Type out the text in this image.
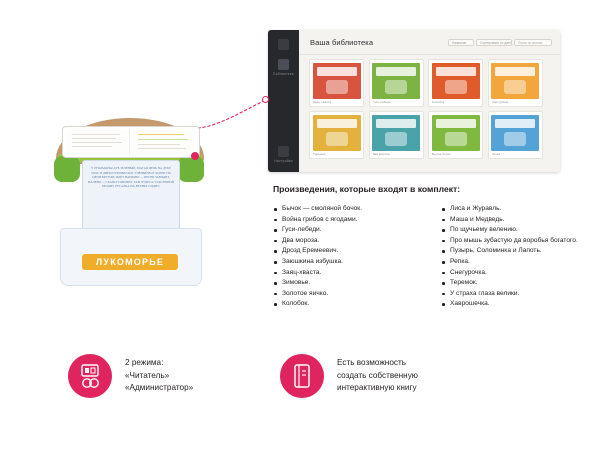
Библиотека
Настройки
Ваша библиотека	Название	Сортировать по дате	Поиск по книгам
Заяц-хваста	Гуси-лебеди	Колобок	Снегурочка
Теремок	Два мороза	Бычок-бочок	Репка
У РУКОМОРЬЯ ДУБ ЗЕЛЁНЫЙ; ЗЛАТАЯ ЦЕПЬ НА ДУБЕ ТОМ: И ДНЁМ И НОЧЬЮ КОТ УЧЁНЫЙ ВСЁ ХОДИТ ПО ЦЕПИ КРУГОМ; ИДЁТ НАПРАВО — ПЕСНЬ ЗАВОДИТ, НАЛЕВО — СКАЗКУ ГОВОРИТ. ТАМ ЧУДЕСА: ТАМ ЛЕШИЙ БРОДИТ, РУСАЛКА НА ВЕТВЯХ СИДИТ;
ЛУКОМОРЬЕ
Произведения, которые входят в комплект:
Бычок — смоляной бочок.
Война грибов с ягодами.
Гуси-лебеди.
Два мороза.
Дрозд Еремеевич.
Заюшкина избушка.
Заяц-хваста.
Зимовье.
Золотое яичко.
Колобок.
Лиса и Журавль.
Маша и Медведь.
По щучьему велению.
Про мышь зубастую да воробья богатого.
Пузырь, Соломинка и Лапоть.
Репка.
Снегурочка.
Теремок.
У страха глаза велики.
Хаврошечка.
2 режима:
«Читатель»
«Администратор»
Есть возможность
создать собственную
интерактивную книгу
